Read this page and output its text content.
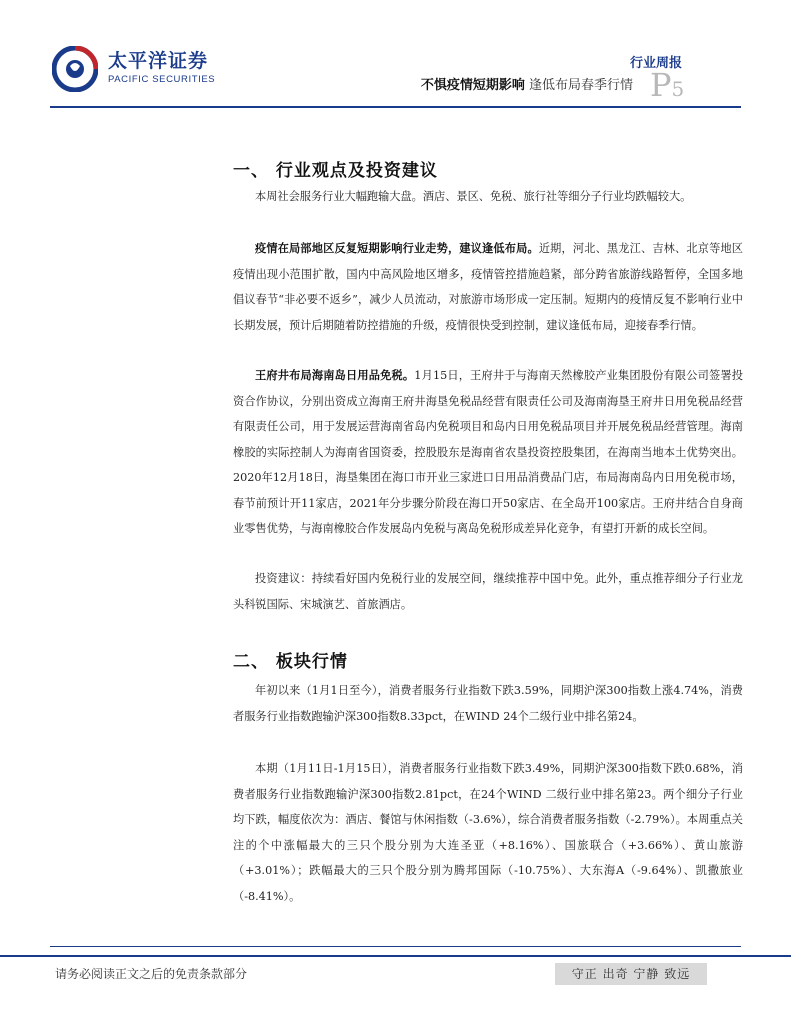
太平洋证券
PACIFIC SECURITIES
行业周报
不惧疫情短期影响 逢低布局春季行情 P5
一、 行业观点及投资建议

本周社会服务行业大幅跑输大盘。酒店、景区、免税、旅行社等细分子行业均跌幅较大。

疫情在局部地区反复短期影响行业走势，建议逢低布局。近期，河北、黑龙江、吉林、北京等地区疫情出现小范围扩散，国内中高风险地区增多，疫情管控措施趋紧，部分跨省旅游线路暂停，全国多地倡议春节“非必要不返乡”，减少人员流动，对旅游市场形成一定压制。短期内的疫情反复不影响行业中长期发展，预计后期随着防控措施的升级，疫情很快受到控制，建议逢低布局，迎接春季行情。

王府井布局海南岛日用品免税。1月15日，王府井于与海南天然橡胶产业集团股份有限公司签署投资合作协议，分别出资成立海南王府井海垦免税品经营有限责任公司及海南海垦王府井日用免税品经营有限责任公司，用于发展运营海南省岛内免税项目和岛内日用免税品项目并开展免税品经营管理。海南橡胶的实际控制人为海南省国资委，控股股东是海南省农垦投资控股集团，在海南当地本土优势突出。2020年12月18日，海垦集团在海口市开业三家进口日用品消费品门店，布局海南岛内日用免税市场，春节前预计开11家店，2021年分步骤分阶段在海口开50家店、在全岛开100家店。王府井结合自身商业零售优势，与海南橡胶合作发展岛内免税与离岛免税形成差异化竞争，有望打开新的成长空间。

投资建议：持续看好国内免税行业的发展空间，继续推荐中国中免。此外，重点推荐细分子行业龙头科锐国际、宋城演艺、首旅酒店。

二、 板块行情

年初以来（1月1日至今），消费者服务行业指数下跌3.59%，同期沪深300指数上涨4.74%，消费者服务行业指数跑输沪深300指数8.33pct，在WIND 24个二级行业中排名第24。

本期（1月11日-1月15日），消费者服务行业指数下跌3.49%，同期沪深300指数下跌0.68%，消费者服务行业指数跑输沪深300指数2.81pct，在24个WIND 二级行业中排名第23。两个细分子行业均下跌，幅度依次为：酒店、餐馆与休闲指数（-3.6%），综合消费者服务指数（-2.79%）。本周重点关注的个中涨幅最大的三只个股分别为大连圣亚（+8.16%）、国旅联合（+3.66%）、黄山旅游（+3.01%）；跌幅最大的三只个股分别为腾邦国际（-10.75%）、大东海A（-9.64%）、凯撒旅业（-8.41%）。

请务必阅读正文之后的免责条款部分	守正 出奇 宁静 致远
